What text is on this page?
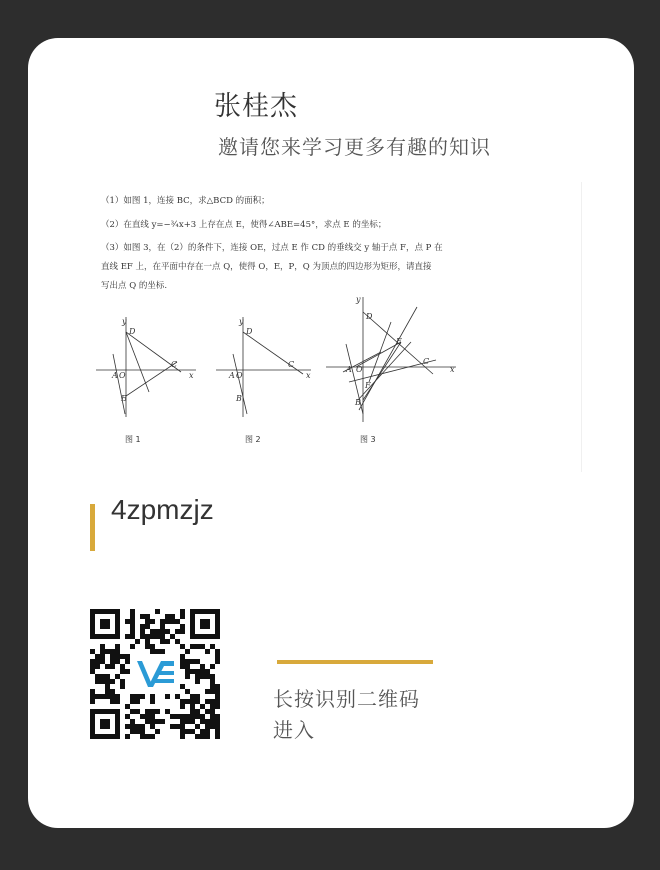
张桂杰
邀请您来学习更多有趣的知识
（1）如图 1，连接 BC，求△BCD 的面积；
（2）在直线 y=−¾x+3 上存在点 E，使得∠ABE=45°，求点 E 的坐标；
（3）如图 3，在（2）的条件下，连接 OE，过点 E 作 CD 的垂线交 y 轴于点 F，点 P 在
直线 EF 上，在平面中存在一点 Q，使得 O，E，P，Q 为顶点的四边形为矩形，请直接
写出点 Q 的坐标.
y
D
A O
C
x
B
y
D
A O
C
x
B
y
D
E
A O
C
x
F
B
图 1	图 2	图 3
4zpmzjz
长按识别二维码
进入
